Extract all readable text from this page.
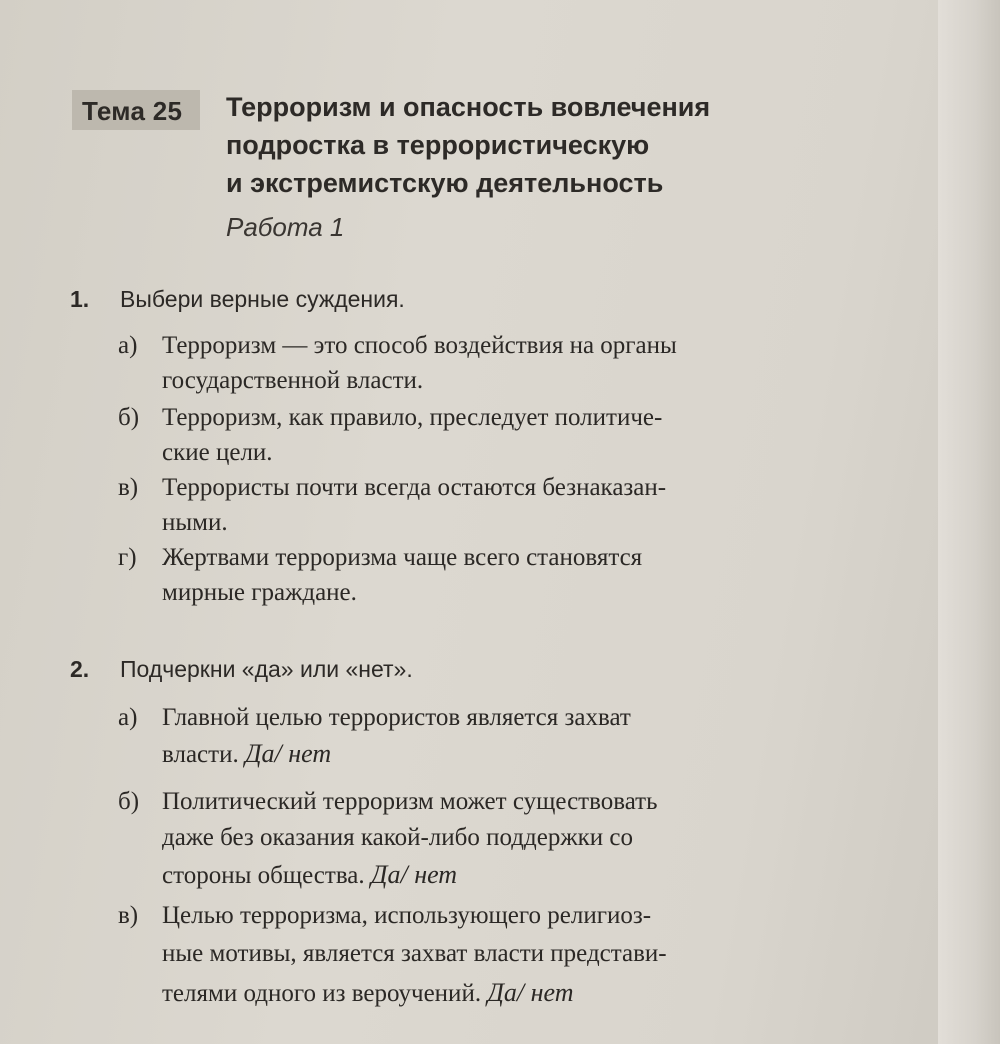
Тема 25	Терроризм и опасность вовлечения
подростка в террористическую
и экстремистскую деятельность
Работа 1
1. Выбери верные суждения.
а) Терроризм — это способ воздействия на органы
государственной власти.
б) Терроризм, как правило, преследует политиче-
ские цели.
в) Террористы почти всегда остаются безнаказан-
ными.
г) Жертвами терроризма чаще всего становятся
мирные граждане.
2. Подчеркни «да» или «нет».
а) Главной целью террористов является захват
власти. Да/ нет
б) Политический терроризм может существовать
даже без оказания какой-либо поддержки со
стороны общества. Да/ нет
в) Целью терроризма, использующего религиоз-
ные мотивы, является захват власти представи-
телями одного из вероучений. Да/ нет
